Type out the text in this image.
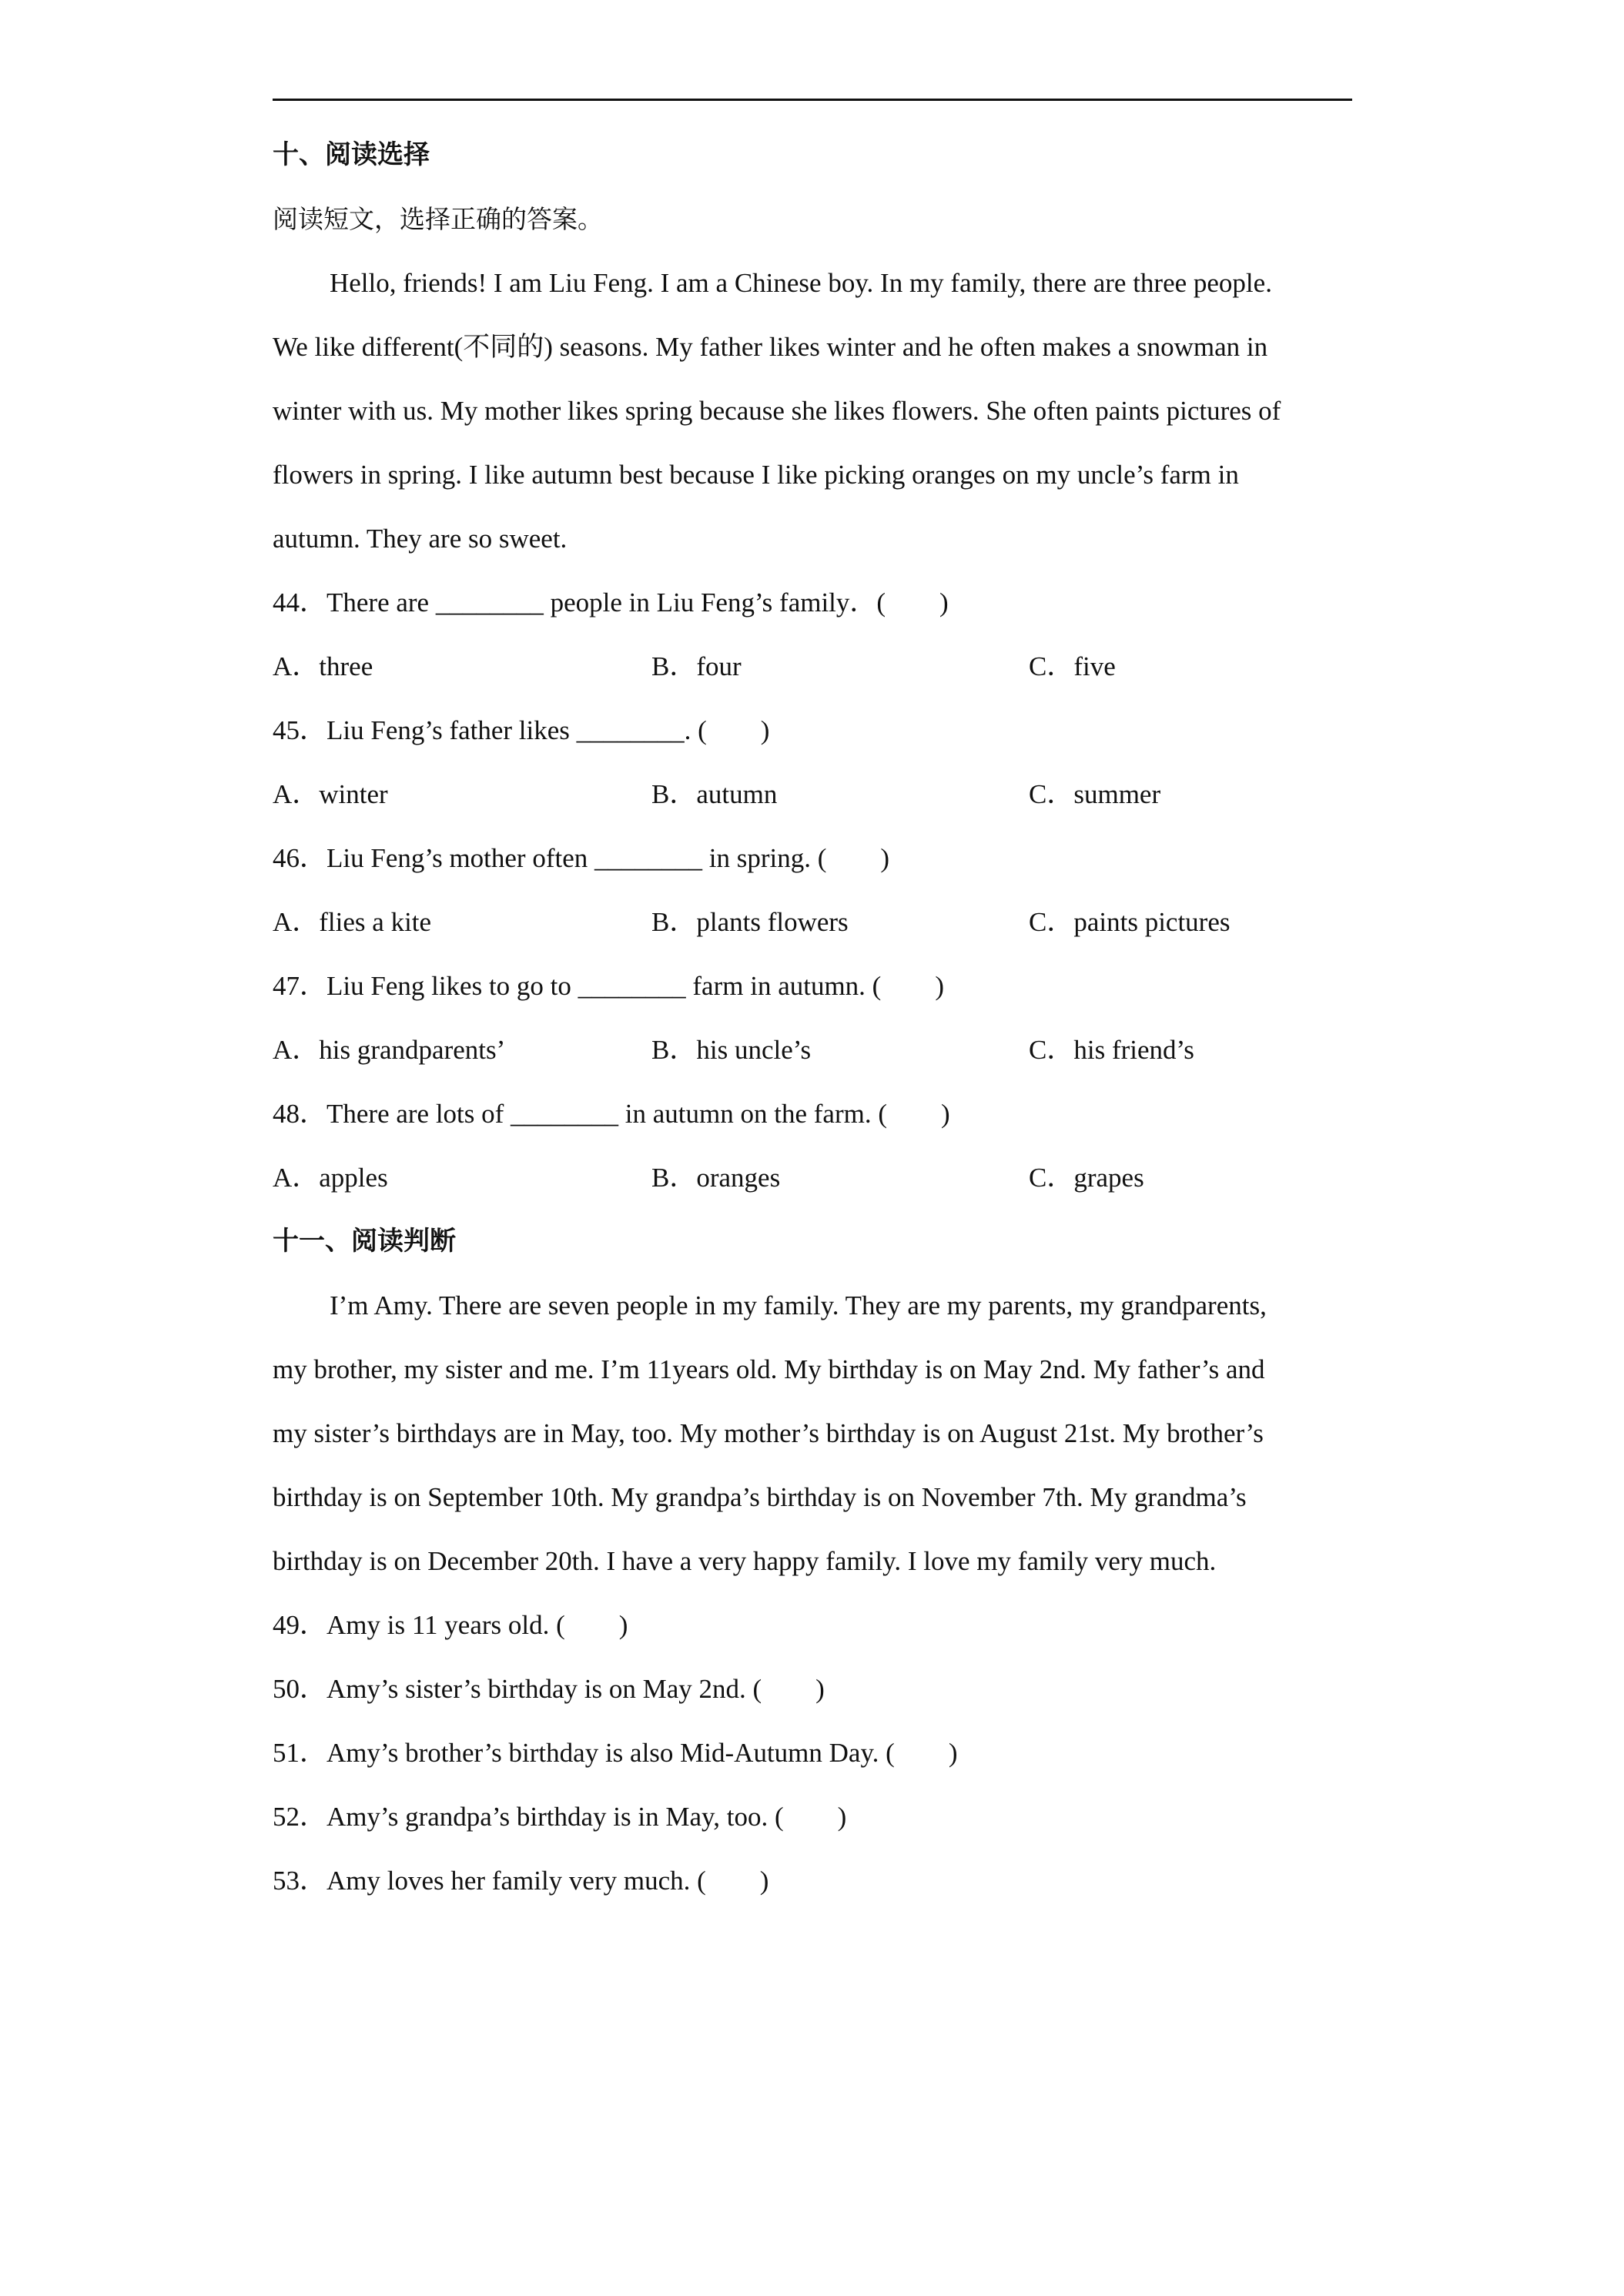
十、阅读选择
阅读短文，选择正确的答案。
Hello, friends! I am Liu Feng. I am a Chinese boy. In my family, there are three people.
We like different(不同的) seasons. My father likes winter and he often makes a snowman in
winter with us. My mother likes spring because she likes flowers. She often paints pictures of
flowers in spring. I like autumn best because I like picking oranges on my uncle’s farm in
autumn. They are so sweet.
44．There are ________ people in Liu Feng’s family．(　　)
A．three	B．four	C．five
45．Liu Feng’s father likes ________. (　　)
A．winter	B．autumn	C．summer
46．Liu Feng’s mother often ________ in spring. (　　)
A．flies a kite	B．plants flowers	C．paints pictures
47．Liu Feng likes to go to ________ farm in autumn. (　　)
A．his grandparents’	B．his uncle’s	C．his friend’s
48．There are lots of ________ in autumn on the farm. (　　)
A．apples	B．oranges	C．grapes
十一、阅读判断
I’m Amy. There are seven people in my family. They are my parents, my grandparents,
my brother, my sister and me. I’m 11years old. My birthday is on May 2nd. My father’s and
my sister’s birthdays are in May, too. My mother’s birthday is on August 21st. My brother’s
birthday is on September 10th. My grandpa’s birthday is on November 7th. My grandma’s
birthday is on December 20th. I have a very happy family. I love my family very much.
49．Amy is 11 years old. (　　)
50．Amy’s sister’s birthday is on May 2nd. (　　)
51．Amy’s brother’s birthday is also Mid-Autumn Day. (　　)
52．Amy’s grandpa’s birthday is in May, too. (　　)
53．Amy loves her family very much. (　　)
